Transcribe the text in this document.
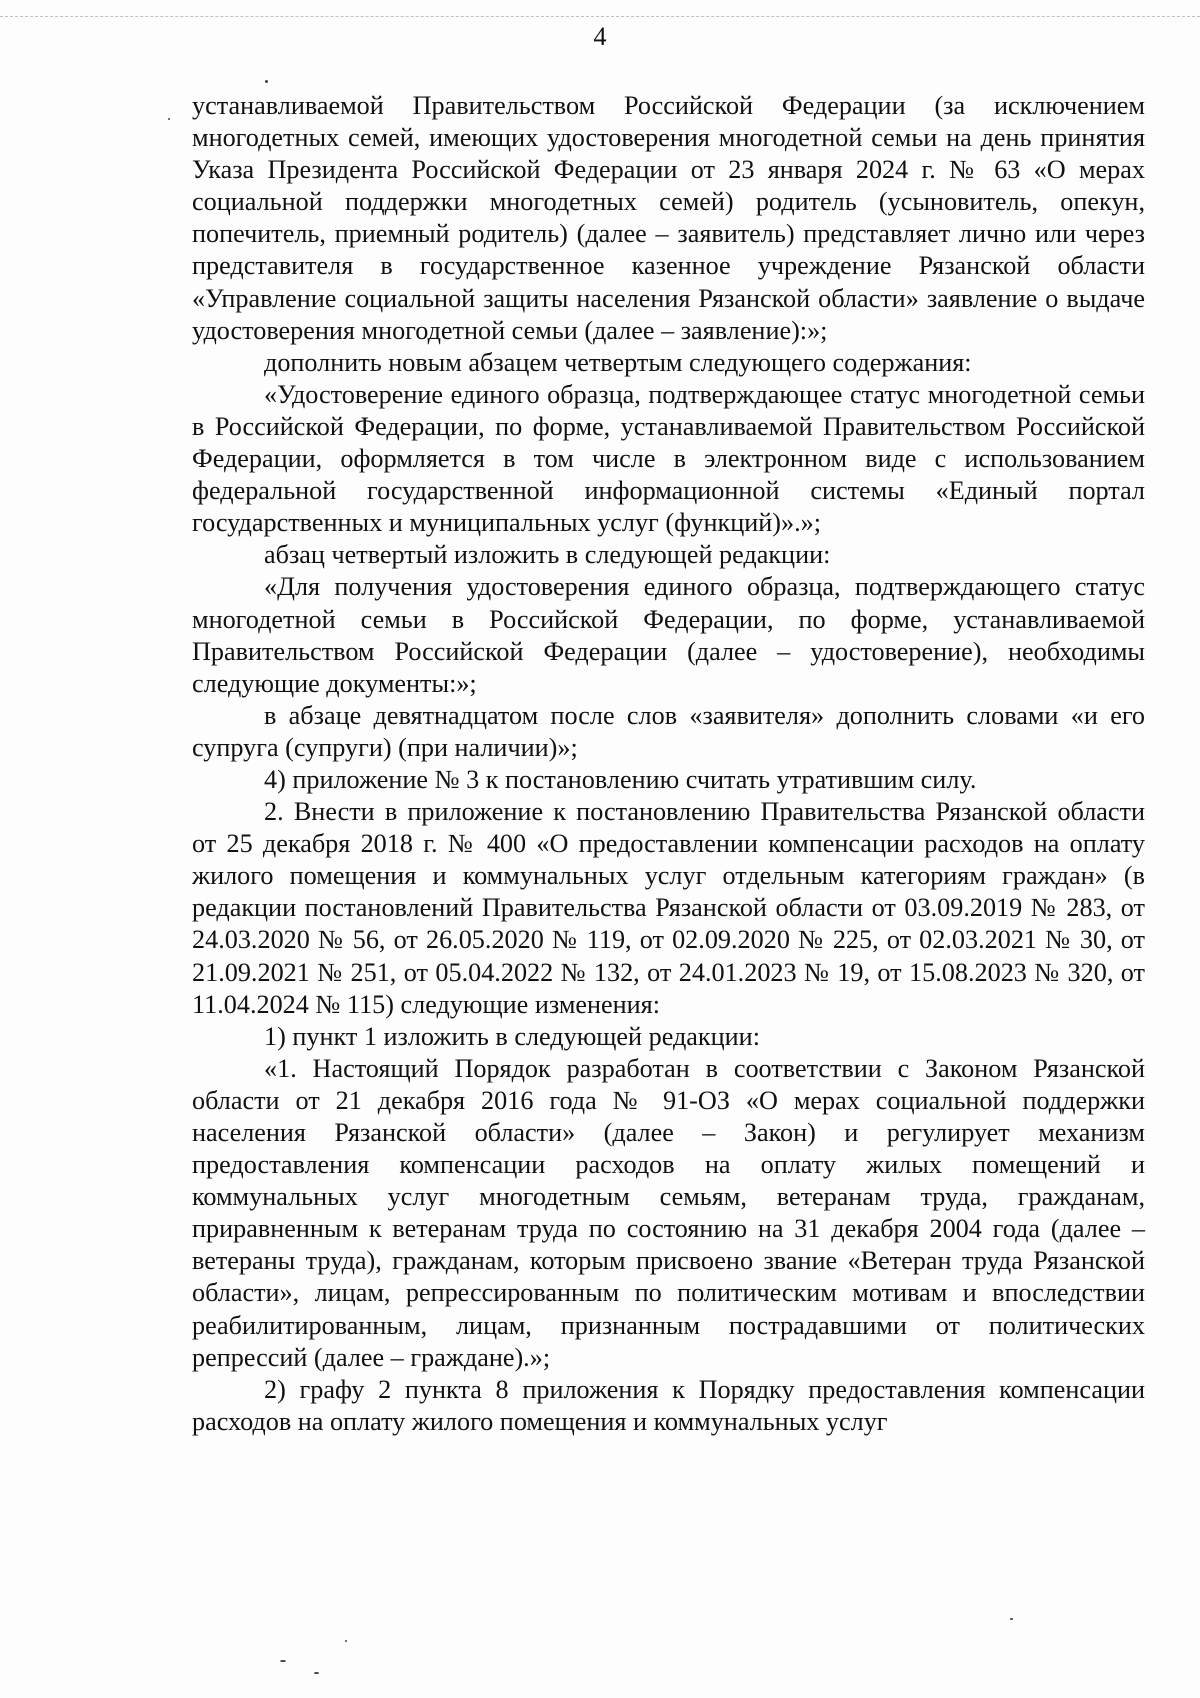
4

устанавливаемой Правительством Российской Федерации (за исключением многодетных семей, имеющих удостоверения многодетной семьи на день принятия Указа Президента Российской Федерации от 23 января 2024 г. № 63 «О мерах социальной поддержки многодетных семей) родитель (усыновитель, опекун, попечитель, приемный родитель) (далее – заявитель) представляет лично или через представителя в государственное казенное учреждение Рязанской области «Управление социальной защиты населения Рязанской области» заявление о выдаче удостоверения многодетной семьи (далее – заявление):»;

дополнить новым абзацем четвертым следующего содержания:

«Удостоверение единого образца, подтверждающее статус многодетной семьи в Российской Федерации, по форме, устанавливаемой Правительством Российской Федерации, оформляется в том числе в электронном виде с использованием федеральной государственной информационной системы «Единый портал государственных и муниципальных услуг (функций)».»;

абзац четвертый изложить в следующей редакции:

«Для получения удостоверения единого образца, подтверждающего статус многодетной семьи в Российской Федерации, по форме, устанавливаемой Правительством Российской Федерации (далее – удостоверение), необходимы следующие документы:»;

в абзаце девятнадцатом после слов «заявителя» дополнить словами «и его супруга (супруги) (при наличии)»;

4) приложение № 3 к постановлению считать утратившим силу.

2. Внести в приложение к постановлению Правительства Рязанской области от 25 декабря 2018 г. № 400 «О предоставлении компенсации расходов на оплату жилого помещения и коммунальных услуг отдельным категориям граждан» (в редакции постановлений Правительства Рязанской области от 03.09.2019 № 283, от 24.03.2020 № 56, от 26.05.2020 № 119, от 02.09.2020 № 225, от 02.03.2021 № 30, от 21.09.2021 № 251, от 05.04.2022 № 132, от 24.01.2023 № 19, от 15.08.2023 № 320, от 11.04.2024 № 115) следующие изменения:

1) пункт 1 изложить в следующей редакции:

«1. Настоящий Порядок разработан в соответствии с Законом Рязанской области от 21 декабря 2016 года № 91-ОЗ «О мерах социальной поддержки населения Рязанской области» (далее – Закон) и регулирует механизм предоставления компенсации расходов на оплату жилых помещений и коммунальных услуг многодетным семьям, ветеранам труда, гражданам, приравненным к ветеранам труда по состоянию на 31 декабря 2004 года (далее – ветераны труда), гражданам, которым присвоено звание «Ветеран труда Рязанской области», лицам, репрессированным по политическим мотивам и впоследствии реабилитированным, лицам, признанным пострадавшими от политических репрессий (далее – граждане).»;

2) графу 2 пункта 8 приложения к Порядку предоставления компенсации расходов на оплату жилого помещения и коммунальных услуг
